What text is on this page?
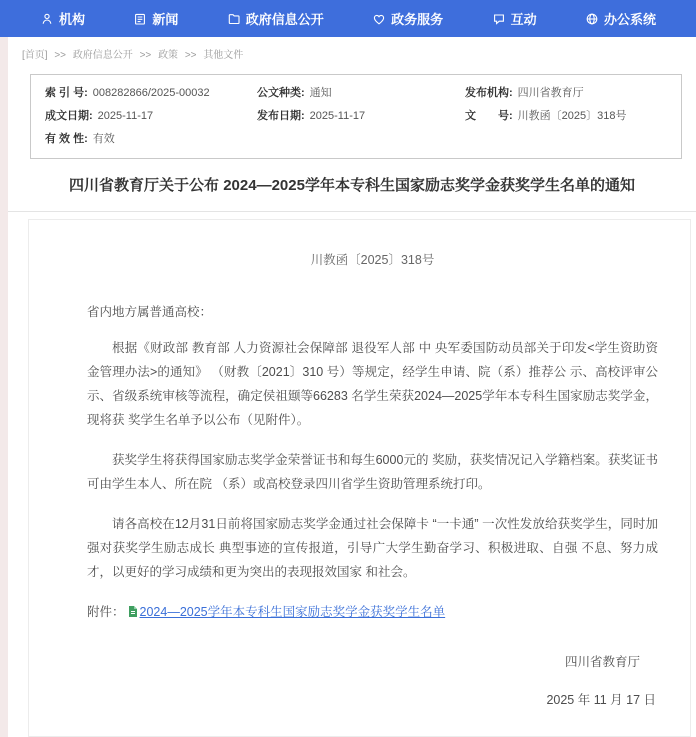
机构	新闻	政府信息公开	政务服务	互动	办公系统
[首页] >> 政府信息公开 >> 政策 >> 其他文件
索 引 号: 008282866/2025-00032	公文种类: 通知	发布机构: 四川省教育厅
成文日期: 2025-11-17	发布日期: 2025-11-17	文　　号: 川教函〔2025〕318号
有 效 性: 有效
四川省教育厅关于公布 2024—2025学年本专科生国家励志奖学金获奖学生名单的通知
川教函〔2025〕318号

省内地方属普通高校：

根据《财政部 教育部 人力资源社会保障部 退役军人部 中 央军委国防动员部关于印发<学生资助资金管理办法>的通知》 （财教〔2021〕310 号）等规定，经学生申请、院（系）推荐公 示、高校评审公示、省级系统审核等流程，确定侯祖颋等66283 名学生荣获2024—2025学年本专科生国家励志奖学金，现将获 奖学生名单予以公布（见附件）。

获奖学生将获得国家励志奖学金荣誉证书和每生6000元的 奖励，获奖情况记入学籍档案。获奖证书可由学生本人、所在院 （系）或高校登录四川省学生资助管理系统打印。

请各高校在12月31日前将国家励志奖学金通过社会保障卡 “一卡通” 一次性发放给获奖学生，同时加强对获奖学生励志成长 典型事迹的宣传报道，引导广大学生勤奋学习、积极进取、自强 不息、努力成才，以更好的学习成绩和更为突出的表现报效国家 和社会。

附件： 2024—2025学年本专科生国家励志奖学金获奖学生名单
四川省教育厅
2025 年 11 月 17 日
